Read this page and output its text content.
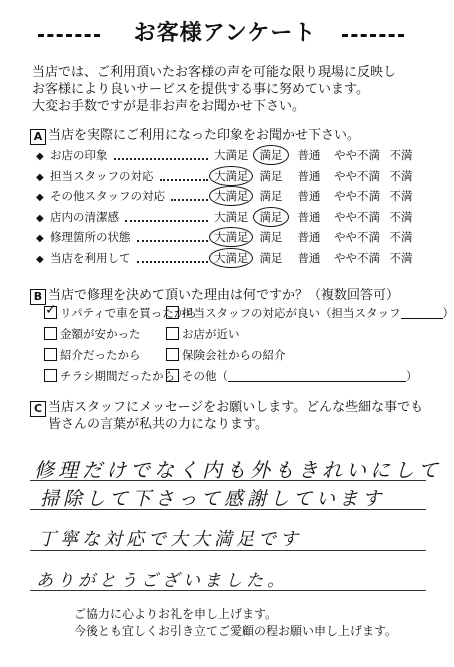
お客様アンケート
当店では、ご利用頂いたお客様の声を可能な限り現場に反映し
お客様により良いサービスを提供する事に努めています。
大変お手数ですが是非お声をお聞かせ下さい。
A 当店を実際にご利用になった印象をお聞かせ下さい。
◆ お店の印象	大満足 満足 普通 やや不満 不満
◆ 担当スタッフの対応	大満足 満足 普通 やや不満 不満
◆ その他スタッフの対応	大満足 満足 普通 やや不満 不満
◆ 店内の清潔感	大満足 満足 普通 やや不満 不満
◆ 修理箇所の状態	大満足 満足 普通 やや不満 不満
◆ 当店を利用して	大満足 満足 普通 やや不満 不満
B 当店で修理を決めて頂いた理由は何ですか？（複数回答可）
✓リパティで車を買ったから
担当スタッフの対応が良い（担当スタッフ	）
金額が安かった	お店が近い
紹介だったから	保険会社からの紹介
チラシ期間だったから その他（	）
C 当店スタッフにメッセージをお願いします。どんな些細な事でも
皆さんの言葉が私共の力になります。
修理だけでなく内も外もきれいにして
掃除して下さって感謝しています
丁寧な対応で大大満足です
ありがとうございました。
ご協力に心よりお礼を申し上げます。
今後とも宜しくお引き立てご愛顧の程お願い申し上げます。
